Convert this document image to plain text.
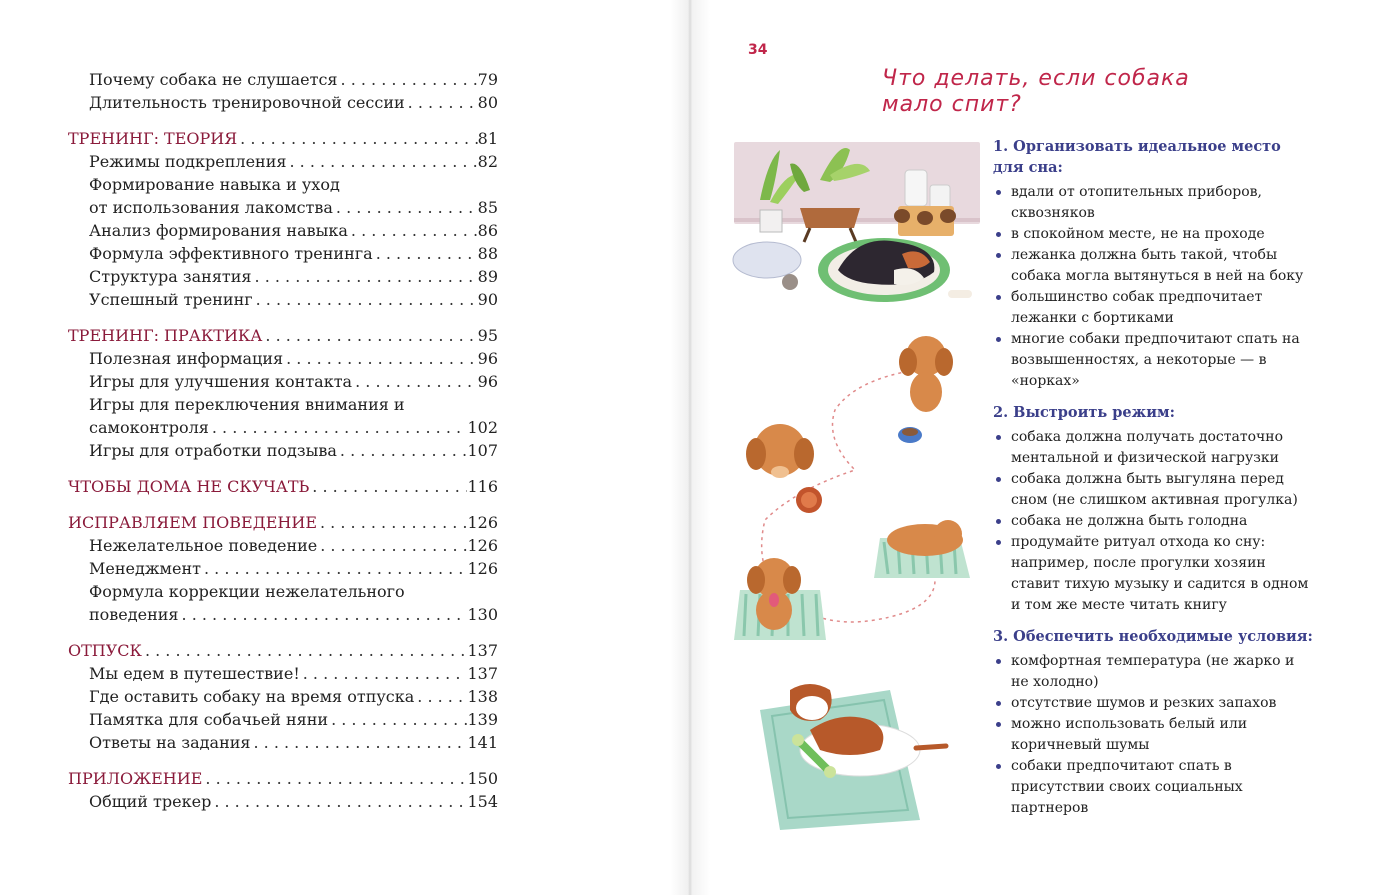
Почему собака не слушается . . .	79
Длительность тренировочной сессии . . .	80
ТРЕНИНГ: ТЕОРИЯ . . .	81
Режимы подкрепления . . .	82
Формирование навыка и уход
от использования лакомства . . .	85
Анализ формирования навыка . . .	86
Формула эффективного тренинга . . .	88
Структура занятия . . .	89
Успешный тренинг . . .	90
ТРЕНИНГ: ПРАКТИКА . . .	95
Полезная информация . . .	96
Игры для улучшения контакта . . .	96
Игры для переключения внимания и
самоконтроля . . .	102
Игры для отработки подзыва . . .	107
ЧТОБЫ ДОМА НЕ СКУЧАТЬ . . .	116
ИСПРАВЛЯЕМ ПОВЕДЕНИЕ . . .	126
Нежелательное поведение . . .	126
Менеджмент . . .	126
Формула коррекции нежелательного
поведения . . .	130
ОТПУСК . . .	137
Мы едем в путешествие! . . .	137
Где оставить собаку на время отпуска . . .	138
Памятка для собачьей няни . . .	139
Ответы на задания . . .	141
ПРИЛОЖЕНИЕ . . .	150
Общий трекер . . .	154
34
Что делать, если собака
мало спит?
1. Организовать идеальное место для сна:
вдали от отопительных приборов, сквозняков
в спокойном месте, не на проходе
лежанка должна быть такой, чтобы собака могла вытянуться в ней на боку
большинство собак предпочитает лежанки с бортиками
многие собаки предпочитают спать на возвышенностях, а некоторые — в «норках»
2. Выстроить режим:
собака должна получать достаточно ментальной и физической нагрузки
собака должна быть выгуляна перед сном (не слишком активная прогулка)
собака не должна быть голодна
продумайте ритуал отхода ко сну: например, после прогулки хозяин ставит тихую музыку и садится в одном и том же месте читать книгу
3. Обеспечить необходимые условия:
комфортная температура (не жарко и не холодно)
отсутствие шумов и резких запахов
можно использовать белый или коричневый шумы
собаки предпочитают спать в присутствии своих социальных партнеров
